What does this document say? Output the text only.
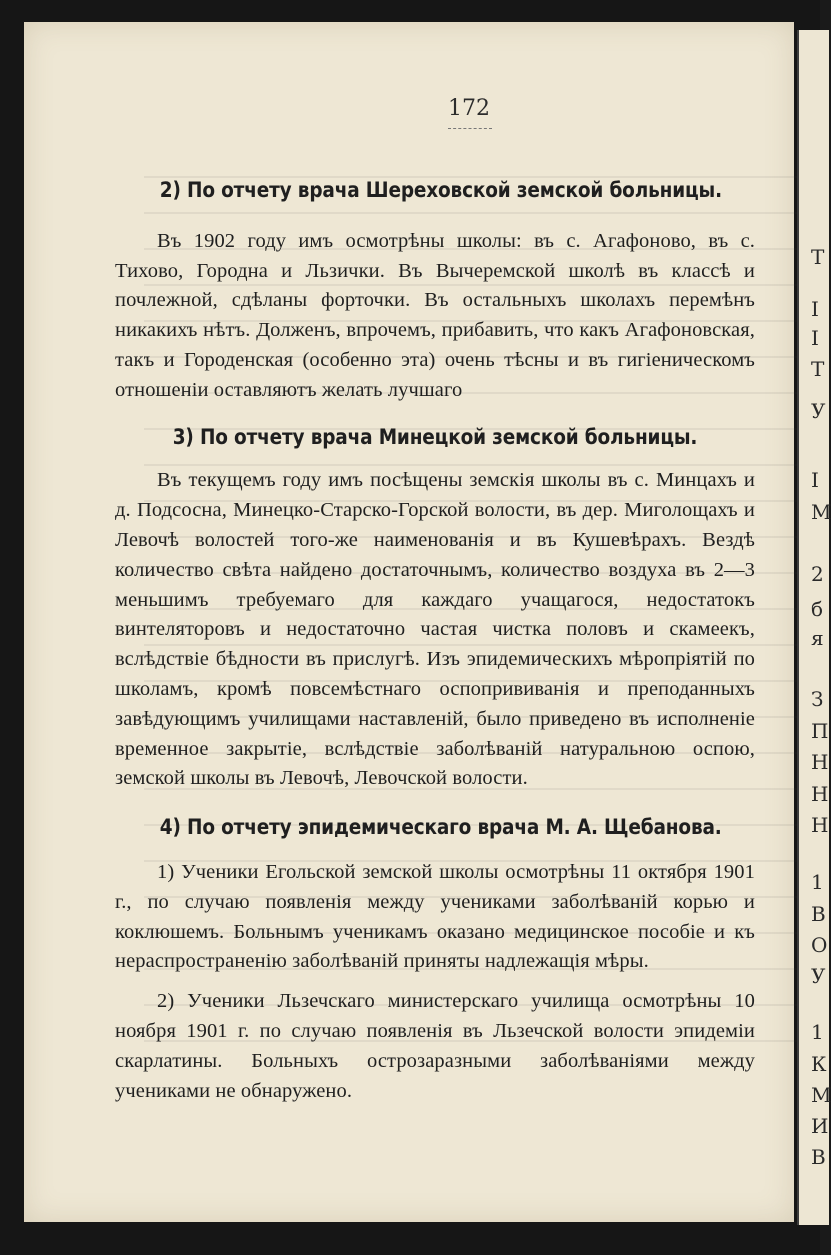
172
2) По отчету врача Шереховской земской больницы.

Въ 1902 году имъ осмотрѣны школы: въ с. Агафоново, въ с. Тихово, Городна и Льзички. Въ Вычеремской школѣ въ классѣ и почлежной, сдѣланы форточки. Въ остальныхъ школахъ перемѣнъ никакихъ нѣтъ. Долженъ, впрочемъ, прибавить, что какъ Агафоновская, такъ и Городенская (особенно эта) очень тѣсны и въ гигіеническомъ отношеніи оставляютъ желать лучшаго

3) По отчету врача Минецкой земской больницы.

Въ текущемъ году имъ посѣщены земскія школы въ с. Минцахъ и д. Подсосна, Минецко-Старско-Горской волости, въ дер. Миголощахъ и Левочѣ волостей того-же наименованія и въ Кушевѣрахъ. Вездѣ количество свѣта найдено достаточнымъ, количество воздуха въ 2—3 меньшимъ требуемаго для каждаго учащагося, недостатокъ винтеляторовъ и недостаточно частая чистка половъ и скамеекъ, вслѣдствіе бѣдности въ прислугѣ. Изъ эпидемическихъ мѣропріятій по школамъ, кромѣ повсемѣстнаго оспопрививанія и преподанныхъ завѣдующимъ училищами наставленій, было приведено въ исполненіе временное закрытіе, вслѣдствіе заболѣваній натуральною оспою, земской школы въ Левочѣ, Левочской волости.

4) По отчету эпидемическаго врача М. А. Щебанова.

1) Ученики Егольской земской школы осмотрѣны 11 октября 1901 г., по случаю появленія между учениками заболѣваній корью и коклюшемъ. Больнымъ ученикамъ оказано медицинское пособіе и къ нераспространенію заболѣваній приняты надлежащія мѣры.

2) Ученики Льзечскаго министерскаго училища осмотрѣны 10 ноября 1901 г. по случаю появленія въ Льзечской волости эпидеміи скарлатины. Больныхъ острозаразными заболѣваніями между учениками не обнаружено.

Т
І
І
Т
У
І
М
2
б
я
З
П
Н
Н
Н
1
В
О
У
1
К
М
И
В
